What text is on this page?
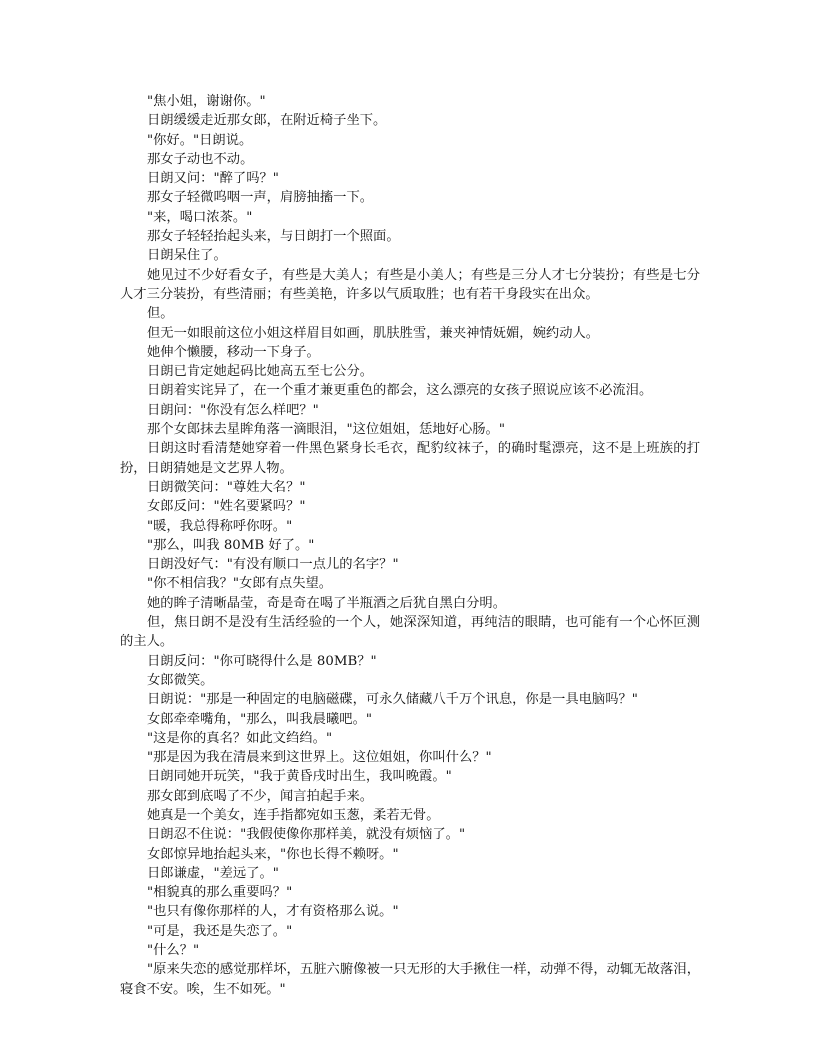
"焦小姐，谢谢你。"

日朗缓缓走近那女郎，在附近椅子坐下。

"你好。"日朗说。

那女子动也不动。

日朗又问："醉了吗？"

那女子轻微呜咽一声，肩膀抽搐一下。

"来，喝口浓茶。"

那女子轻轻抬起头来，与日朗打一个照面。

日朗呆住了。

她见过不少好看女子，有些是大美人；有些是小美人；有些是三分人才七分装扮；有些是七分人才三分装扮，有些清丽；有些美艳，许多以气质取胜；也有若干身段实在出众。

但。

但无一如眼前这位小姐这样眉目如画，肌肤胜雪，兼夹神情妩媚，婉约动人。

她伸个懒腰，移动一下身子。

日朗已肯定她起码比她高五至七公分。

日朗着实诧异了，在一个重才兼更重色的都会，这么漂亮的女孩子照说应该不必流泪。

日朗问："你没有怎么样吧？"

那个女郎抹去星眸角落一滴眼泪，"这位姐姐，恁地好心肠。"

日朗这时看清楚她穿着一件黑色紧身长毛衣，配豹纹袜子，的确时髦漂亮，这不是上班族的打扮，日朗猜她是文艺界人物。

日朗微笑问："尊姓大名？"

女郎反问："姓名要紧吗？"

"暖，我总得称呼你呀。"

"那么，叫我 80MB 好了。"

日朗没好气："有没有顺口一点儿的名字？"

"你不相信我？"女郎有点失望。

她的眸子清晰晶莹，奇是奇在喝了半瓶酒之后犹自黑白分明。

但，焦日朗不是没有生活经验的一个人，她深深知道，再纯洁的眼睛，也可能有一个心怀叵测的主人。

日朗反问："你可晓得什么是 80MB？"

女郎微笑。

日朗说："那是一种固定的电脑磁碟，可永久储藏八千万个讯息，你是一具电脑吗？"

女郎牵牵嘴角，"那么，叫我晨曦吧。"

"这是你的真名？如此文绉绉。"

"那是因为我在清晨来到这世界上。这位姐姐，你叫什么？"

日朗同她开玩笑，"我于黄昏戌时出生，我叫晚霞。"

那女郎到底喝了不少，闻言拍起手来。

她真是一个美女，连手指都宛如玉葱，柔若无骨。

日朗忍不住说："我假使像你那样美，就没有烦恼了。"

女郎惊异地抬起头来，"你也长得不赖呀。"

日郎谦虚，"差远了。"

"相貌真的那么重要吗？"

"也只有像你那样的人，才有资格那么说。"

"可是，我还是失恋了。"

"什么？"

"原来失恋的感觉那样坏，五脏六腑像被一只无形的大手揪住一样，动弹不得，动辄无故落泪，寝食不安。唉，生不如死。"
